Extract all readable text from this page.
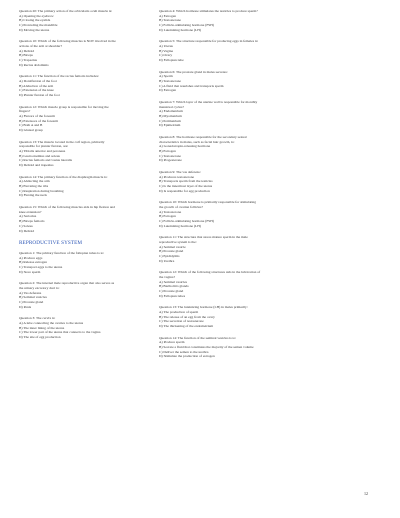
Question 20: The primary action of the orbicularis oculi muscle is:
A) Opening the eyebrow
B) Closing the eyelids
C) Protruding the mandible
D) Moving the uterus
Question 10: Which of the following muscles is NOT involved in the
actions of the arm at shoulder?
A) Deltoid
B) Biceps
C) Trapezius
D) Rectus abdominis
Question 11: The function of the rectus femoris includes:
A) Dorsiflexion of the foot
B) Abduction of the arm
C) Extension of the knee
D) Plantar flexion of the foot
Question 12: Which muscle group is responsible for moving the
fingers?
A) Flexors of the forearm
B) Extensors of the forearm
C) Both A and B
D) Gluteal group
Question 13: The muscle located in the calf region, primarily
responsible for plantar flexion, are:
A) Tibialis anterior and peroneus
B) Gastrocnemius and soleus
C) Rectus femoris and vastus lateralis
D) Deltoid and trapezius
Question 14: The primary function of the diaphragm muscle is:
A) Abducting the arm
B) Elevating the ribs
C) Respiration during breathing
D) Flexing the neck
Question 15: Which of the following muscles aids in hip flexion and
knee extension?
A) Sartorius
B) Biceps femoris
C) Soleus
D) Deltoid
REPRODUCTIVE SYSTEM
Question 1: The primary function of the fallopian tubes is to:
A) Produce eggs
B) Release estrogen
C) Transport eggs to the uterus
D) Store sperm
Question 2: The internal male reproductive organ that also serves as
the urinary excretory duct is:
A) Vas deferens
B) Seminal vesicles
C) Prostate gland
D) Penis
Question 3: The cervix is:
A) A tube connecting the ovaries to the uterus
B) The inner lining of the uterus
C) The lower part of the uterus that connects to the vagina
D) The site of egg production
Question 4: Which hormone stimulates the testicles to produce sperm?
A) Estrogen
B) Testosterone
C) Follicle-stimulating hormone (FSH)
D) Luteinizing hormone (LH)
Question 5: The structure responsible for producing eggs in females is:
A) Uterus
B) Vagina
C) Ovary
D) Fallopian tube
Question 6: The prostate gland in males secretes:
A) Sperm
B) Testosterone
C) A fluid that nourishes and transports sperm
D) Estrogen
Question 7: Which layer of the uterine wall is responsible for monthly
menstrual cycles?
A) Endometrium
B) Myometrium
C) Perimetrium
D) Epimetrium
Question 8: The hormone responsible for the secondary sexual
characteristics in males, such as facial hair growth, is:
A) Gonadotropin-releasing hormone
B) Estrogen
C) Testosterone
D) Progesterone
Question 9: The vas deferens:
A) Produces testosterone
B) Transports sperm from the testicles
C) Is the innermost layer of the uterus
D) Is responsible for egg production
Question 10: Which hormone is primarily responsible for stimulating
the growth of ovarian follicles?
A) Testosterone
B) Estrogen
C) Follicle-stimulating hormone (FSH)
D) Luteinizing hormone (LH)
Question 11: The structure that stores mature sperm in the male
reproductive system is the:
A) Seminal vesicle
B) Prostate gland
C) Epididymis
D) Urethra
Question 12: Which of the following structures aids in the lubrication of
the vagina?
A) Seminal vesicles
B) Bartholin's glands
C) Prostate gland
D) Fallopian tubes
Question 13: The luteinizing hormone (LH) in males primarily:
A) The production of sperm
B) The release of an egg from the ovary
C) The secretion of testosterone
D) The thickening of the endometrium
Question 14: The function of the seminal vesicles is to:
A) Produce sperm
B) Secrete a fluid that constitutes the majority of the semen volume
C) Deliver the semen to the urethra
D) Stimulate the production of estrogen
12
